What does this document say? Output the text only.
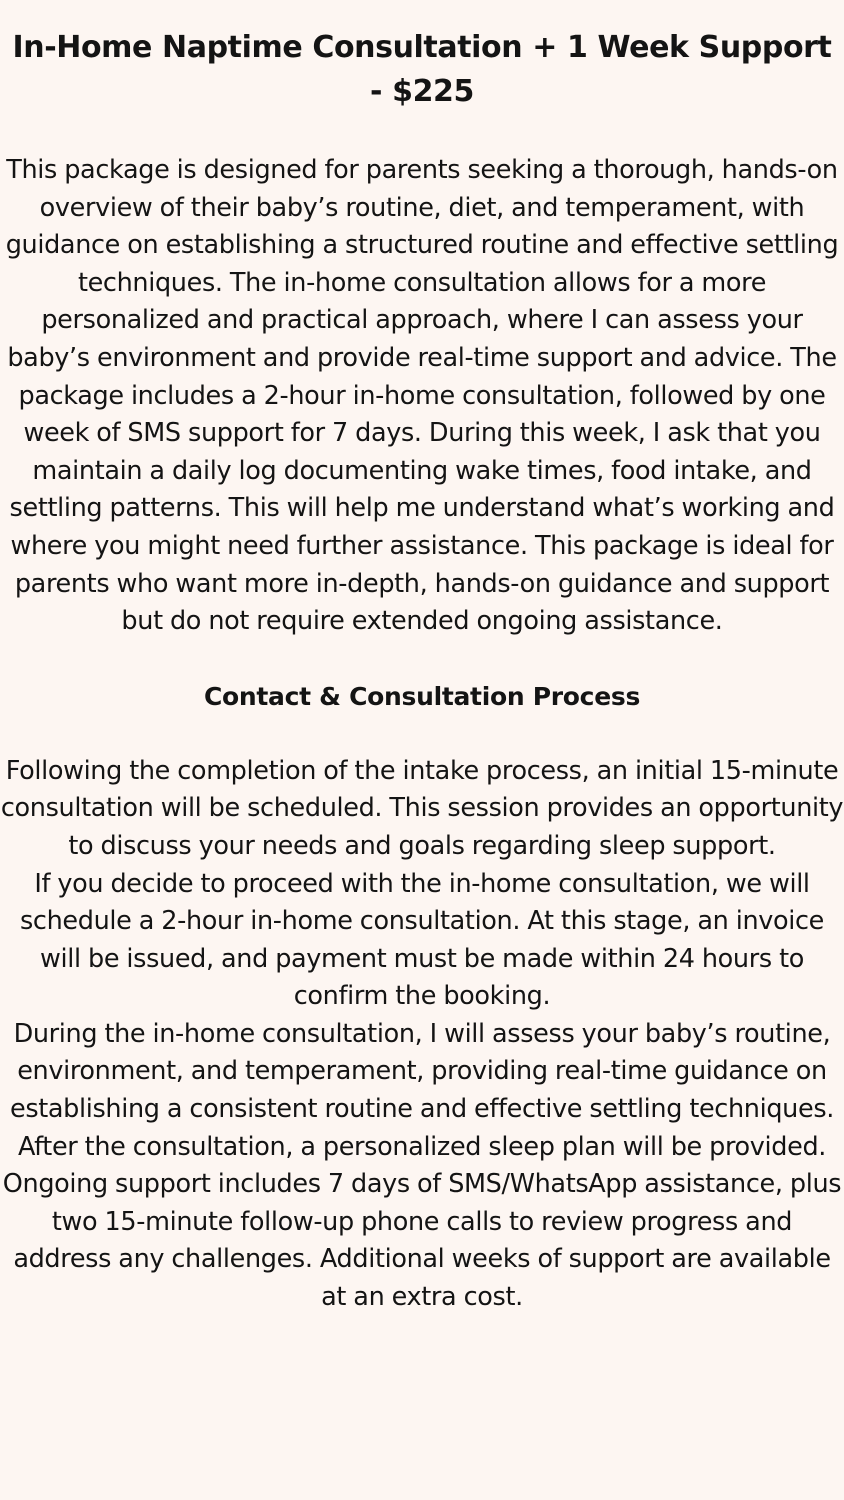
In-Home Naptime Consultation + 1 Week Support - $225

This package is designed for parents seeking a thorough, hands-on overview of their baby’s routine, diet, and temperament, with guidance on establishing a structured routine and effective settling techniques. The in-home consultation allows for a more personalized and practical approach, where I can assess your baby’s environment and provide real-time support and advice. The package includes a 2-hour in-home consultation, followed by one week of SMS support for 7 days. During this week, I ask that you maintain a daily log documenting wake times, food intake, and settling patterns. This will help me understand what’s working and where you might need further assistance. This package is ideal for parents who want more in-depth, hands-on guidance and support but do not require extended ongoing assistance.

Contact & Consultation Process
Following the completion of the intake process, an initial 15-minute consultation will be scheduled. This session provides an opportunity to discuss your needs and goals regarding sleep support.
If you decide to proceed with the in-home consultation, we will schedule a 2-hour in-home consultation. At this stage, an invoice will be issued, and payment must be made within 24 hours to confirm the booking.
During the in-home consultation, I will assess your baby’s routine, environment, and temperament, providing real-time guidance on establishing a consistent routine and effective settling techniques. After the consultation, a personalized sleep plan will be provided.
Ongoing support includes 7 days of SMS/WhatsApp assistance, plus two 15-minute follow-up phone calls to review progress and address any challenges. Additional weeks of support are available at an extra cost.
